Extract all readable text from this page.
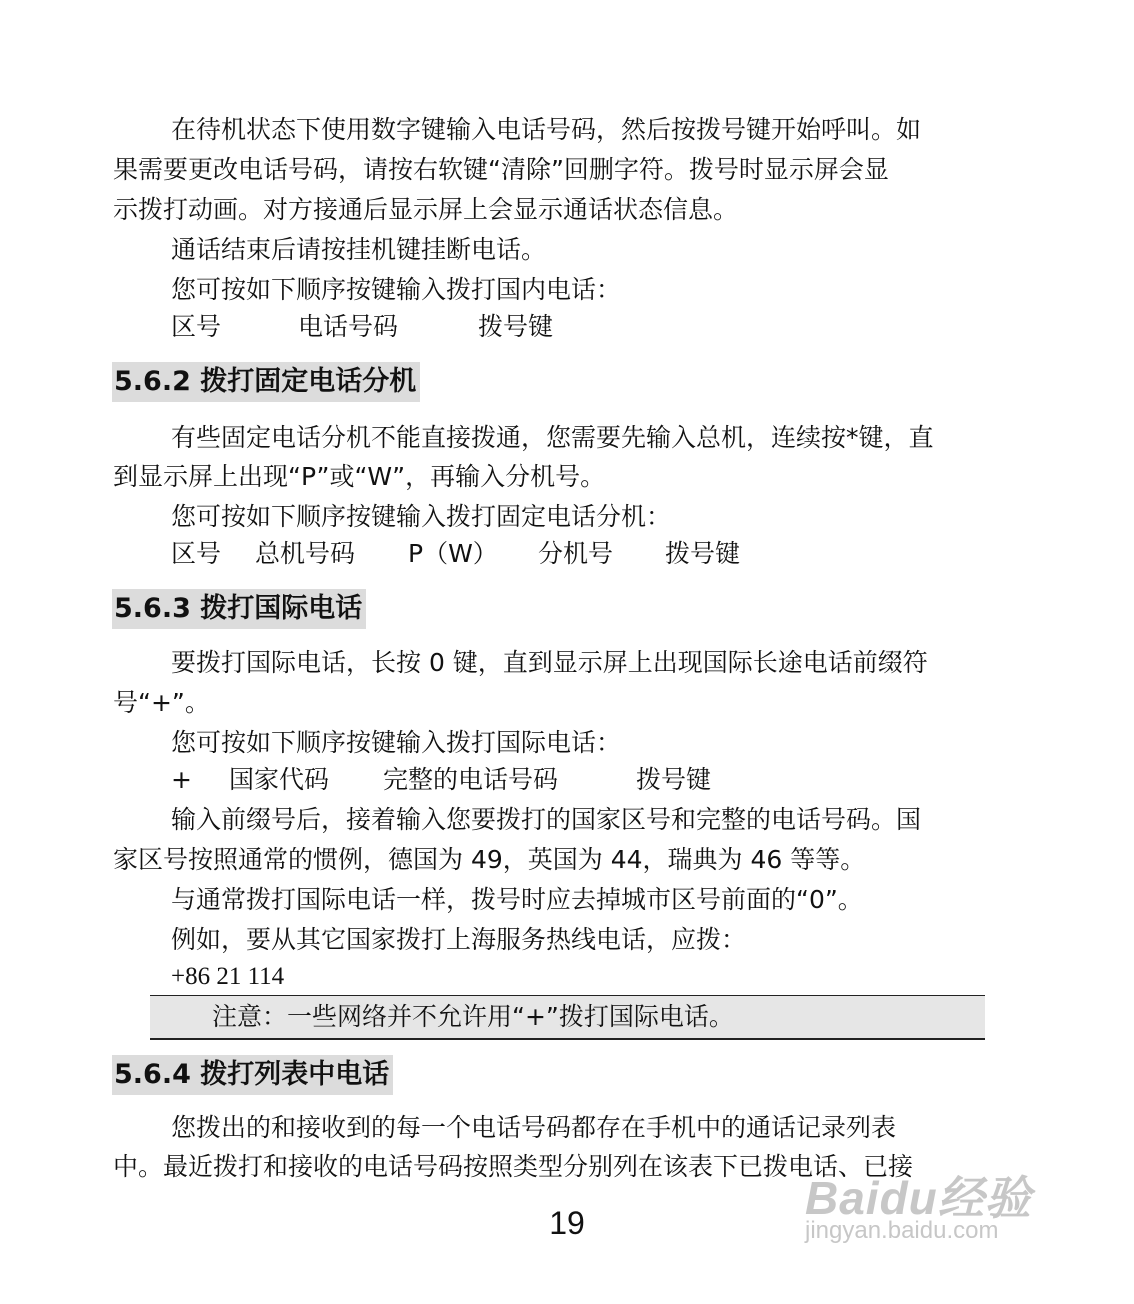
在待机状态下使用数字键输入电话号码，然后按拨号键开始呼叫。如
果需要更改电话号码，请按右软键“清除”回删字符。拨号时显示屏会显
示拨打动画。对方接通后显示屏上会显示通话状态信息。
通话结束后请按挂机键挂断电话。
您可按如下顺序按键输入拨打国内电话：
区号	电话号码	拨号键
5.6.2 拨打固定电话分机
有些固定电话分机不能直接拨通，您需要先输入总机，连续按*键，直
到显示屏上出现“P”或“W”，再输入分机号。
您可按如下顺序按键输入拨打固定电话分机：
区号 总机号码 P（W） 分机号 拨号键
5.6.3 拨打国际电话
要拨打国际电话，长按 0 键，直到显示屏上出现国际长途电话前缀符
号“+”。
您可按如下顺序按键输入拨打国际电话：
+ 国家代码 完整的电话号码	拨号键
输入前缀号后，接着输入您要拨打的国家区号和完整的电话号码。国
家区号按照通常的惯例，德国为 49，英国为 44，瑞典为 46 等等。
与通常拨打国际电话一样，拨号时应去掉城市区号前面的“0”。
例如，要从其它国家拨打上海服务热线电话，应拨：
+86 21 114
注意：一些网络并不允许用“+”拨打国际电话。
5.6.4 拨打列表中电话
您拨出的和接收到的每一个电话号码都存在手机中的通话记录列表
中。最近拨打和接收的电话号码按照类型分别列在该表下已拨电话、已接
19	Baidu经验
jingyan.baidu.com
